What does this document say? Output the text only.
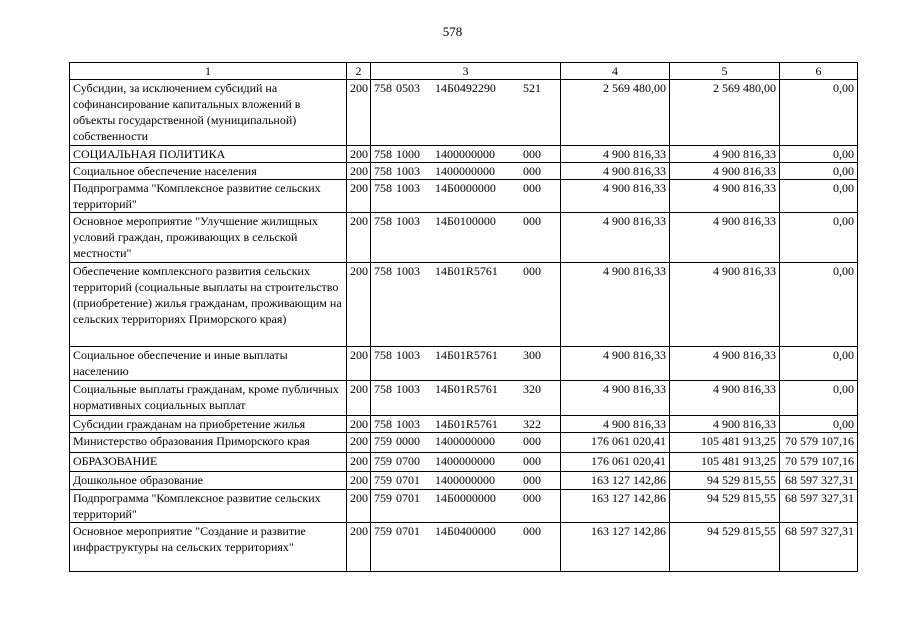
578
1	2	3	4	5	6
Субсидии, за исключением субсидий на софинансирование капитальных вложений в объекты государственной (муниципальной) собственности	200	758 0503 14Б0492290 521	2 569 480,00	2 569 480,00	0,00
СОЦИАЛЬНАЯ ПОЛИТИКА	200	758 1000 1400000000 000	4 900 816,33	4 900 816,33	0,00
Социальное обеспечение населения	200	758 1003 1400000000 000	4 900 816,33	4 900 816,33	0,00
Подпрограмма "Комплексное развитие сельских территорий"	200	758 1003 14Б0000000 000	4 900 816,33	4 900 816,33	0,00
Основное мероприятие "Улучшение жилищных условий граждан, проживающих в сельской местности"	200	758 1003 14Б0100000 000	4 900 816,33	4 900 816,33	0,00
Обеспечение комплексного развития сельских территорий (социальные выплаты на строительство (приобретение) жилья гражданам, проживающим на сельских территориях Приморского края)	200	758 1003 14Б01R5761 000	4 900 816,33	4 900 816,33	0,00
Социальное обеспечение и иные выплаты населению	200	758 1003 14Б01R5761 300	4 900 816,33	4 900 816,33	0,00
Социальные выплаты гражданам, кроме публичных нормативных социальных выплат	200	758 1003 14Б01R5761 320	4 900 816,33	4 900 816,33	0,00
Субсидии гражданам на приобретение жилья	200	758 1003 14Б01R5761 322	4 900 816,33	4 900 816,33	0,00
Министерство образования Приморского края	200	759 0000 1400000000 000	176 061 020,41	105 481 913,25	70 579 107,16
ОБРАЗОВАНИЕ	200	759 0700 1400000000 000	176 061 020,41	105 481 913,25	70 579 107,16
Дошкольное образование	200	759 0701 1400000000 000	163 127 142,86	94 529 815,55	68 597 327,31
Подпрограмма "Комплексное развитие сельских территорий"	200	759 0701 14Б0000000 000	163 127 142,86	94 529 815,55	68 597 327,31
Основное мероприятие "Создание и развитие инфраструктуры на сельских территориях"	200	759 0701 14Б0400000 000	163 127 142,86	94 529 815,55	68 597 327,31
